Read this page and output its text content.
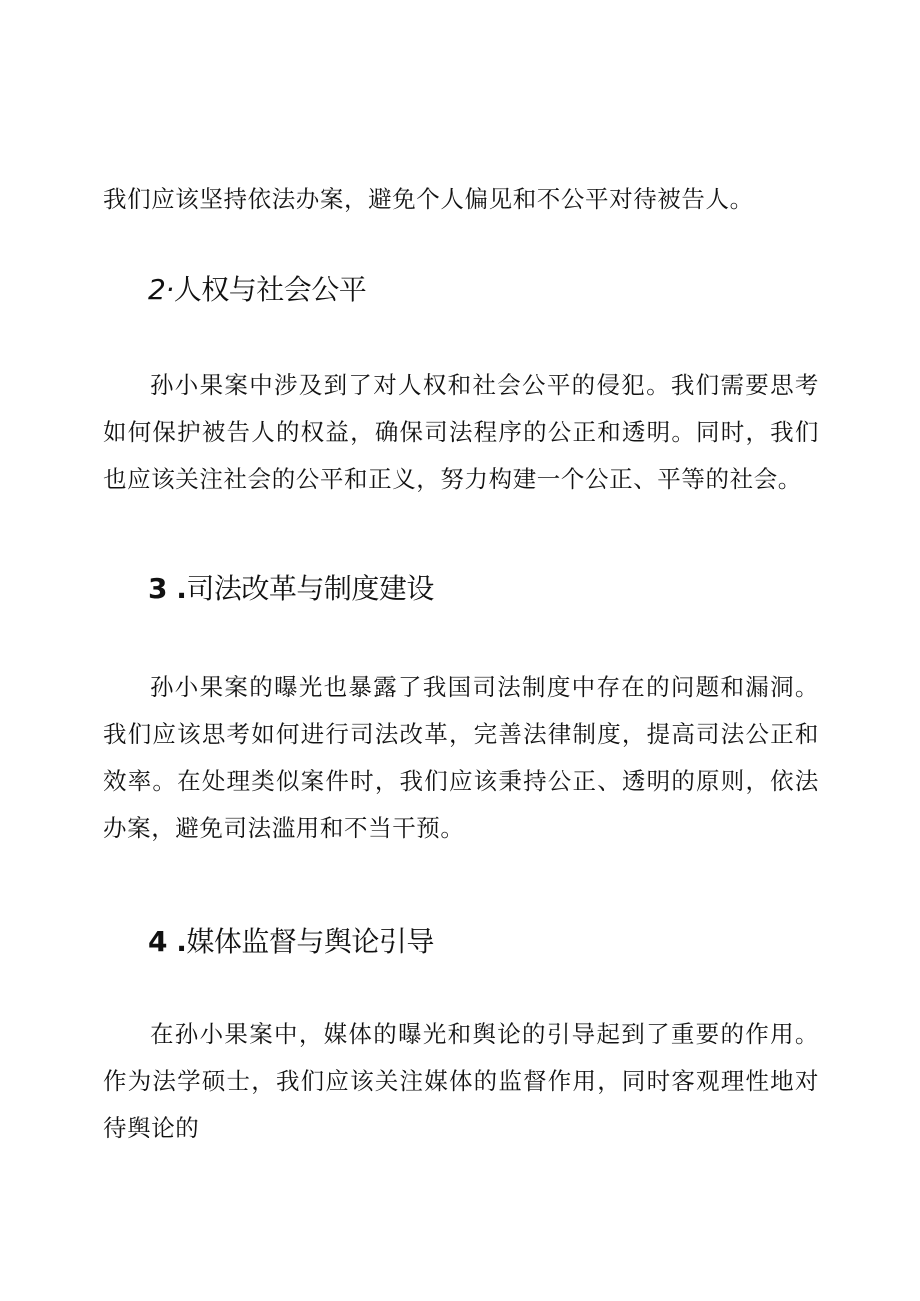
我们应该坚持依法办案，避免个人偏见和不公平对待被告人。

2·人权与社会公平

孙小果案中涉及到了对人权和社会公平的侵犯。我们需要思考如何保护被告人的权益，确保司法程序的公正和透明。同时，我们也应该关注社会的公平和正义，努力构建一个公正、平等的社会。

3 .司法改革与制度建设

孙小果案的曝光也暴露了我国司法制度中存在的问题和漏洞。我们应该思考如何进行司法改革，完善法律制度，提高司法公正和效率。在处理类似案件时，我们应该秉持公正、透明的原则，依法办案，避免司法滥用和不当干预。

4 .媒体监督与舆论引导

在孙小果案中，媒体的曝光和舆论的引导起到了重要的作用。作为法学硕士，我们应该关注媒体的监督作用，同时客观理性地对待舆论的
